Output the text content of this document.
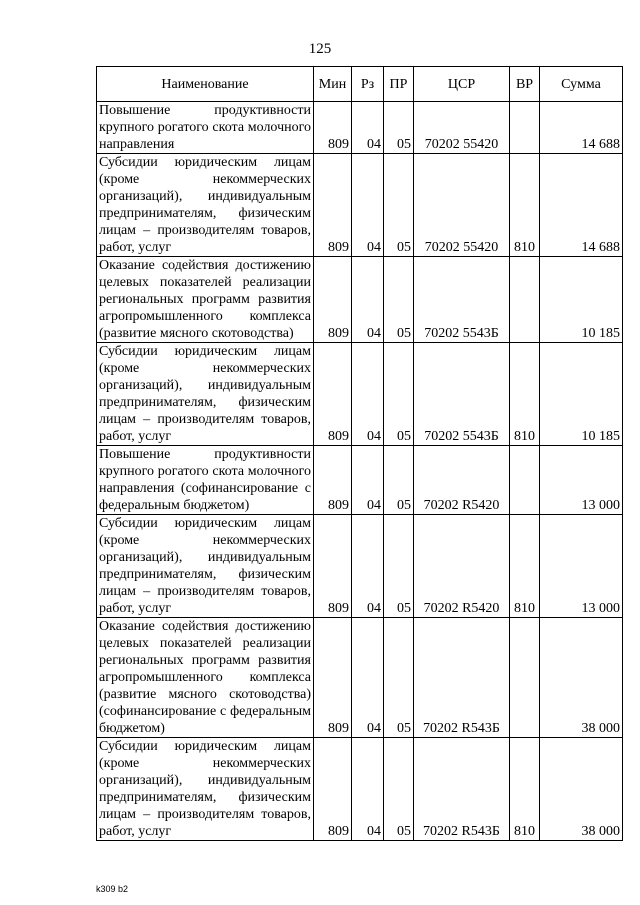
125
Наименование	Мин	Рз	ПР	ЦСР	ВР	Сумма
Повышение продуктивности крупного рогатого скота молочного направления	809	04	05	70202 55420		14 688
Субсидии юридическим лицам (кроме некоммерческих организаций), индивидуальным предпринимателям, физическим лицам – производителям товаров, работ, услуг	809	04	05	70202 55420	810	14 688
Оказание содействия достижению целевых показателей реализации региональных программ развития агропромышленного комплекса (развитие мясного скотоводства)	809	04	05	70202 5543Б		10 185
Субсидии юридическим лицам (кроме некоммерческих организаций), индивидуальным предпринимателям, физическим лицам – производителям товаров, работ, услуг	809	04	05	70202 5543Б	810	10 185
Повышение продуктивности крупного рогатого скота молочного направления (софинансирование с федеральным бюджетом)	809	04	05	70202 R5420		13 000
Субсидии юридическим лицам (кроме некоммерческих организаций), индивидуальным предпринимателям, физическим лицам – производителям товаров, работ, услуг	809	04	05	70202 R5420	810	13 000
Оказание содействия достижению целевых показателей реализации региональных программ развития агропромышленного комплекса (развитие мясного скотоводства) (софинансирование с федеральным бюджетом)	809	04	05	70202 R543Б		38 000
Субсидии юридическим лицам (кроме некоммерческих организаций), индивидуальным предпринимателям, физическим лицам – производителям товаров, работ, услуг	809	04	05	70202 R543Б	810	38 000
k309 b2
